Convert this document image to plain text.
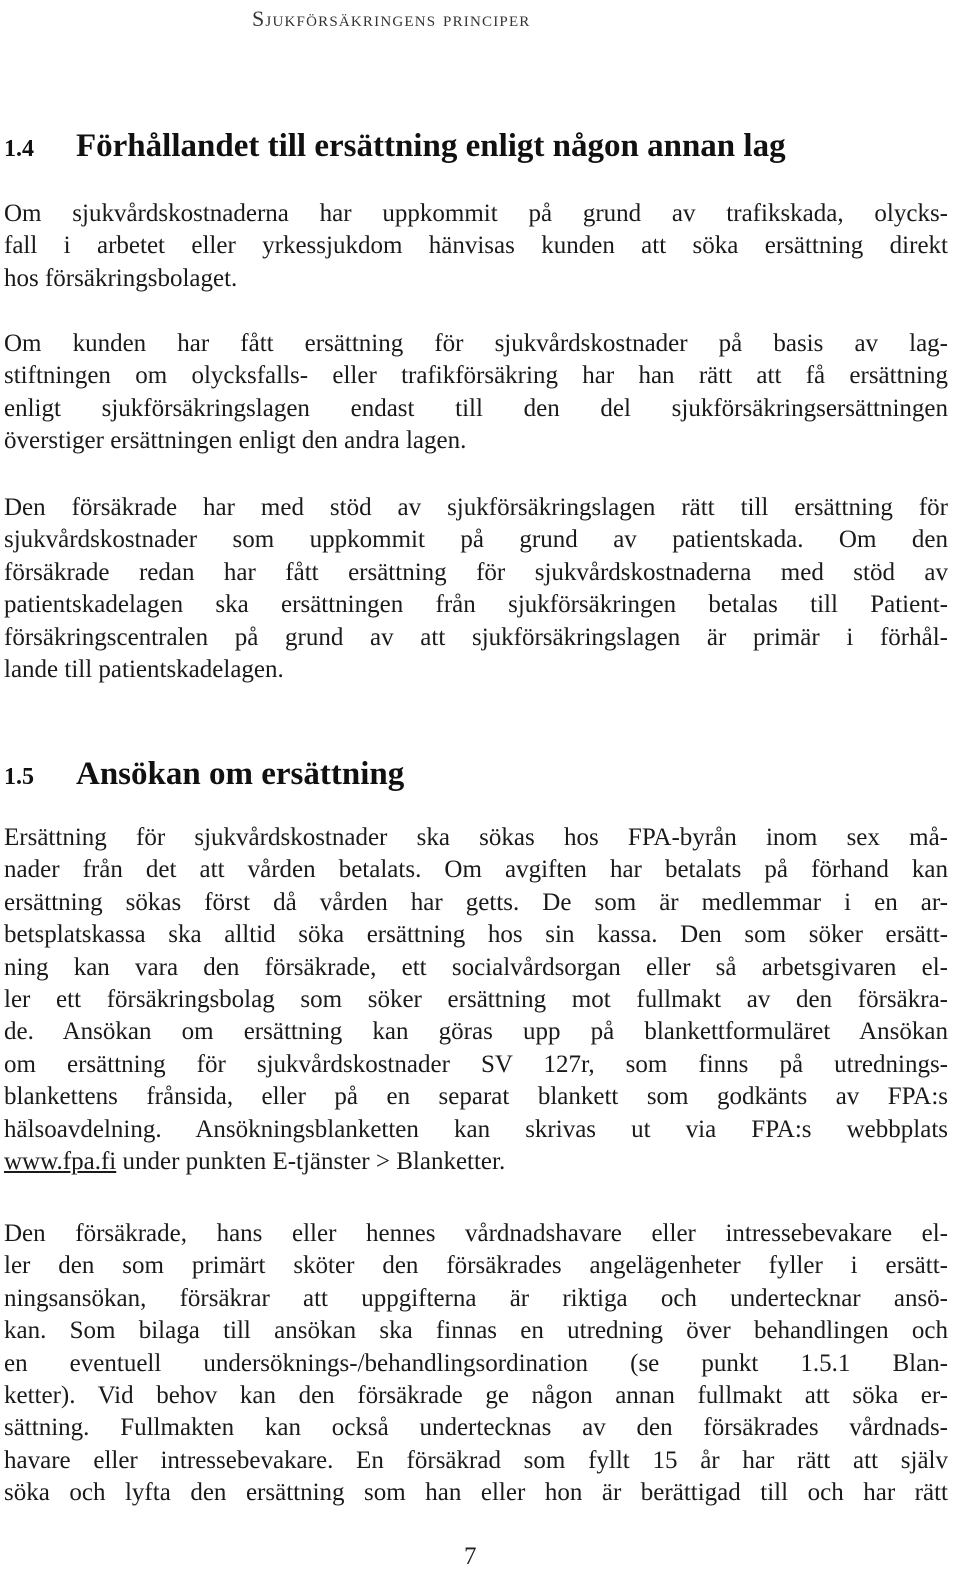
Sjukförsäkringens principer
1.4 Förhållandet till ersättning enligt någon annan lag
Om sjukvårdskostnaderna har uppkommit på grund av trafikskada, olycks-
fall i arbetet eller yrkessjukdom hänvisas kunden att söka ersättning direkt
hos försäkringsbolaget.
Om kunden har fått ersättning för sjukvårdskostnader på basis av lag-
stiftningen om olycksfalls- eller trafikförsäkring har han rätt att få ersättning
enligt sjukförsäkringslagen endast till den del sjukförsäkringsersättningen
överstiger ersättningen enligt den andra lagen.
Den försäkrade har med stöd av sjukförsäkringslagen rätt till ersättning för
sjukvårdskostnader som uppkommit på grund av patientskada. Om den
försäkrade redan har fått ersättning för sjukvårdskostnaderna med stöd av
patientskadelagen ska ersättningen från sjukförsäkringen betalas till Patient-
försäkringscentralen på grund av att sjukförsäkringslagen är primär i förhål-
lande till patientskadelagen.
1.5 Ansökan om ersättning
Ersättning för sjukvårdskostnader ska sökas hos FPA-byrån inom sex må-
nader från det att vården betalats. Om avgiften har betalats på förhand kan
ersättning sökas först då vården har getts. De som är medlemmar i en ar-
betsplatskassa ska alltid söka ersättning hos sin kassa. Den som söker ersätt-
ning kan vara den försäkrade, ett socialvårdsorgan eller så arbetsgivaren el-
ler ett försäkringsbolag som söker ersättning mot fullmakt av den försäkra-
de. Ansökan om ersättning kan göras upp på blankettformuläret Ansökan
om ersättning för sjukvårdskostnader SV 127r, som finns på utrednings-
blankettens frånsida, eller på en separat blankett som godkänts av FPA:s
hälsoavdelning. Ansökningsblanketten kan skrivas ut via FPA:s webbplats
www.fpa.fi under punkten E-tjänster > Blanketter.
Den försäkrade, hans eller hennes vårdnadshavare eller intressebevakare el-
ler den som primärt sköter den försäkrades angelägenheter fyller i ersätt-
ningsansökan, försäkrar att uppgifterna är riktiga och undertecknar ansö-
kan. Som bilaga till ansökan ska finnas en utredning över behandlingen och
en eventuell undersöknings-/behandlingsordination (se punkt 1.5.1 Blan-
ketter). Vid behov kan den försäkrade ge någon annan fullmakt att söka er-
sättning. Fullmakten kan också undertecknas av den försäkrades vårdnads-
havare eller intressebevakare. En försäkrad som fyllt 15 år har rätt att själv
söka och lyfta den ersättning som han eller hon är berättigad till och har rätt
7
